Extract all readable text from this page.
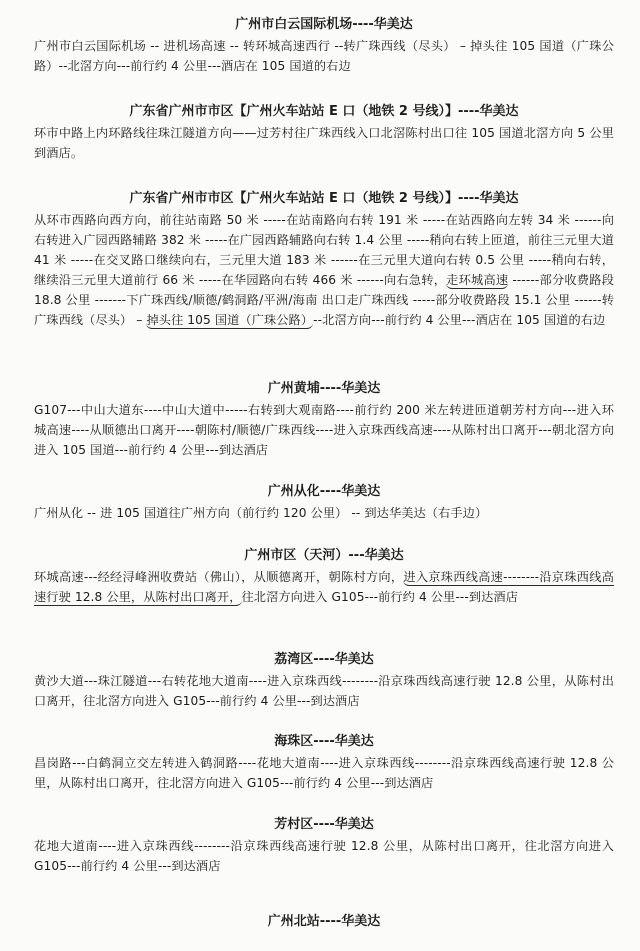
广州市白云国际机场----华美达

广州市白云国际机场 -- 进机场高速 -- 转环城高速西行 --转广珠西线（尽头） – 掉头往 105 国道（广珠公路）--北滘方向---前行约 4 公里---酒店在 105 国道的右边

广东省广州市市区【广州火车站站 E 口（地铁 2 号线）】----华美达

环市中路上内环路线往珠江隧道方向——过芳村往广珠西线入口北滘陈村出口往 105 国道北滘方向 5 公里到酒店。

广东省广州市市区【广州火车站站 E 口（地铁 2 号线）】----华美达

从环市西路向西方向，前往站南路 50 米 -----在站南路向右转 191 米 -----在站西路向左转 34 米 ------向右转进入广园西路辅路 382 米 -----在广园西路辅路向右转 1.4 公里 -----稍向右转上匝道，前往三元里大道 41 米 -----在交叉路口继续向右，三元里大道 183 米 ------在三元里大道向右转 0.5 公里 -----稍向右转，继续沿三元里大道前行 66 米 -----在华园路向右转 466 米 ------向右急转，走环城高速 ------部分收费路段 18.8 公里 -------下广珠西线/顺德/鹤洞路/平洲/海南 出口走广珠西线 -----部分收费路段 15.1 公里 ------转广珠西线（尽头） – 掉头往 105 国道（广珠公路）--北滘方向---前行约 4 公里---酒店在 105 国道的右边

广州黄埔----华美达

G107---中山大道东----中山大道中-----右转到大观南路----前行约 200 米左转进匝道朝芳村方向---进入环城高速----从顺德出口离开----朝陈村/顺德/广珠西线----进入京珠西线高速----从陈村出口离开---朝北滘方向进入 105 国道---前行约 4 公里---到达酒店

广州从化----华美达

广州从化 -- 进 105 国道往广州方向（前行约 120 公里） -- 到达华美达（右手边）

广州市区（天河）---华美达

环城高速---经经浔峰洲收费站（佛山），从顺德离开，朝陈村方向，进入京珠西线高速--------沿京珠西线高速行驶 12.8 公里，从陈村出口离开，往北滘方向进入 G105---前行约 4 公里---到达酒店

荔湾区----华美达

黄沙大道---珠江隧道---右转花地大道南----进入京珠西线--------沿京珠西线高速行驶 12.8 公里，从陈村出口离开，往北滘方向进入 G105---前行约 4 公里---到达酒店

海珠区----华美达

昌岗路---白鹤洞立交左转进入鹤洞路----花地大道南----进入京珠西线--------沿京珠西线高速行驶 12.8 公里，从陈村出口离开，往北滘方向进入 G105---前行约 4 公里---到达酒店

芳村区----华美达

花地大道南----进入京珠西线--------沿京珠西线高速行驶 12.8 公里，从陈村出口离开，往北滘方向进入 G105---前行约 4 公里---到达酒店

广州北站----华美达
